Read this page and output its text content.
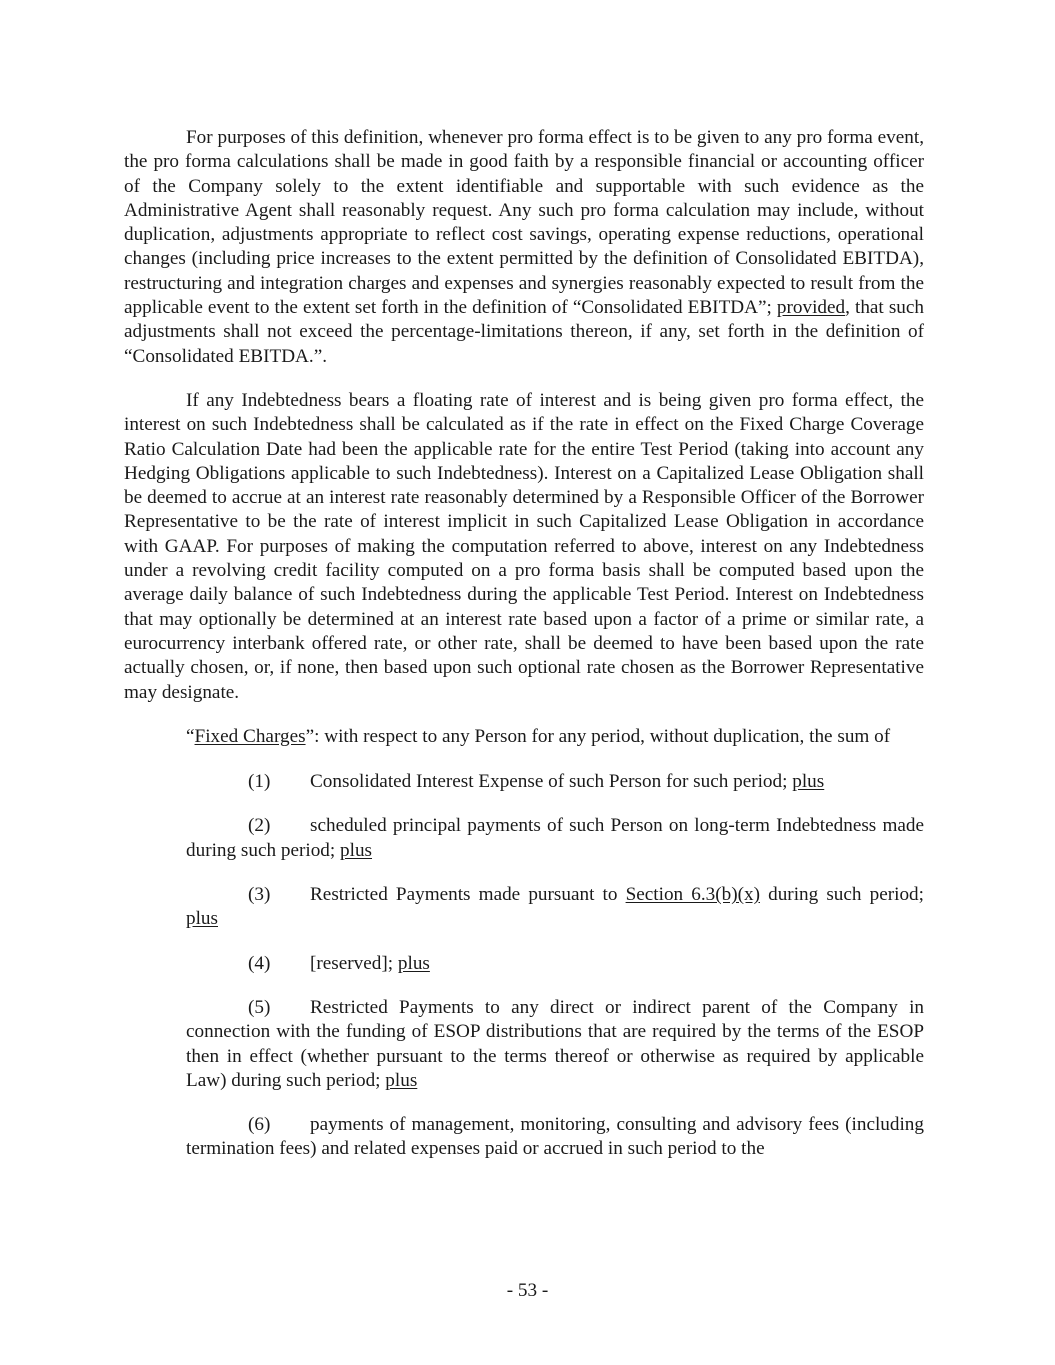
For purposes of this definition, whenever pro forma effect is to be given to any pro forma event, the pro forma calculations shall be made in good faith by a responsible financial or accounting officer of the Company solely to the extent identifiable and supportable with such evidence as the Administrative Agent shall reasonably request. Any such pro forma calculation may include, without duplication, adjustments appropriate to reflect cost savings, operating expense reductions, operational changes (including price increases to the extent permitted by the definition of Consolidated EBITDA), restructuring and integration charges and expenses and synergies reasonably expected to result from the applicable event to the extent set forth in the definition of “Consolidated EBITDA”; provided, that such adjustments shall not exceed the percentage-limitations thereon, if any, set forth in the definition of “Consolidated EBITDA.”.

If any Indebtedness bears a floating rate of interest and is being given pro forma effect, the interest on such Indebtedness shall be calculated as if the rate in effect on the Fixed Charge Coverage Ratio Calculation Date had been the applicable rate for the entire Test Period (taking into account any Hedging Obligations applicable to such Indebtedness). Interest on a Capitalized Lease Obligation shall be deemed to accrue at an interest rate reasonably determined by a Responsible Officer of the Borrower Representative to be the rate of interest implicit in such Capitalized Lease Obligation in accordance with GAAP. For purposes of making the computation referred to above, interest on any Indebtedness under a revolving credit facility computed on a pro forma basis shall be computed based upon the average daily balance of such Indebtedness during the applicable Test Period. Interest on Indebtedness that may optionally be determined at an interest rate based upon a factor of a prime or similar rate, a eurocurrency interbank offered rate, or other rate, shall be deemed to have been based upon the rate actually chosen, or, if none, then based upon such optional rate chosen as the Borrower Representative may designate.

“Fixed Charges”: with respect to any Person for any period, without duplication, the sum of

(1) Consolidated Interest Expense of such Person for such period; plus
(2) scheduled principal payments of such Person on long-term Indebtedness made during such period; plus
(3) Restricted Payments made pursuant to Section 6.3(b)(x) during such period; plus
(4) [reserved]; plus
(5) Restricted Payments to any direct or indirect parent of the Company in connection with the funding of ESOP distributions that are required by the terms of the ESOP then in effect (whether pursuant to the terms thereof or otherwise as required by applicable Law) during such period; plus
(6) payments of management, monitoring, consulting and advisory fees (including termination fees) and related expenses paid or accrued in such period to the
- 53 -
